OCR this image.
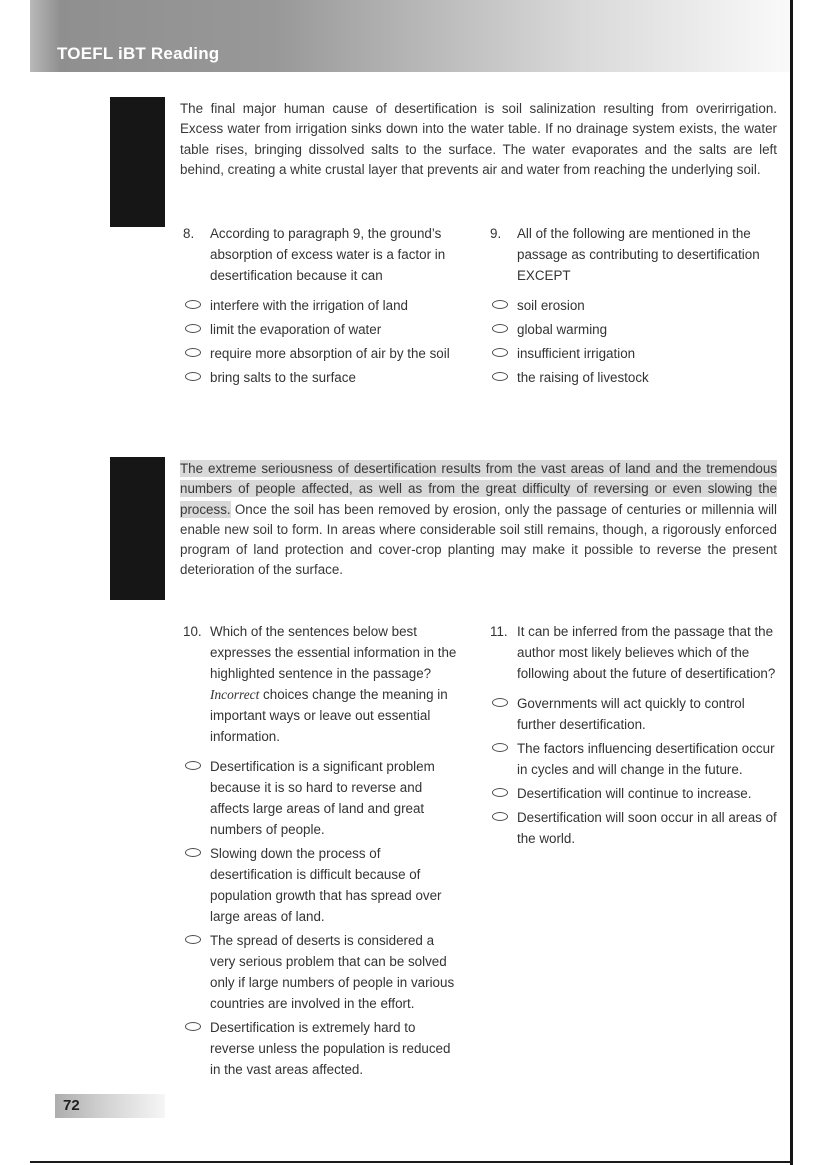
TOEFL iBT Reading
The final major human cause of desertification is soil salinization resulting from overirrigation. Excess water from irrigation sinks down into the water table. If no drainage system exists, the water table rises, bringing dissolved salts to the surface. The water evaporates and the salts are left behind, creating a white crustal layer that prevents air and water from reaching the underlying soil.
8.	According to paragraph 9, the ground’s absorption of excess water is a factor in desertification because it can
interfere with the irrigation of land
limit the evaporation of water
require more absorption of air by the soil
bring salts to the surface
9.	All of the following are mentioned in the passage as contributing to desertification EXCEPT
soil erosion
global warming
insufficient irrigation
the raising of livestock
The extreme seriousness of desertification results from the vast areas of land and the tremendous numbers of people affected, as well as from the great difficulty of reversing or even slowing the process. Once the soil has been removed by erosion, only the passage of centuries or millennia will enable new soil to form. In areas where considerable soil still remains, though, a rigorously enforced program of land protection and cover-crop planting may make it possible to reverse the present deterioration of the surface.
10. Which of the sentences below best expresses the essential information in the highlighted sentence in the passage? Incorrect choices change the meaning in important ways or leave out essential information.
Desertification is a significant problem because it is so hard to reverse and affects large areas of land and great numbers of people.
Slowing down the process of desertification is difficult because of population growth that has spread over large areas of land.
The spread of deserts is considered a very serious problem that can be solved only if large numbers of people in various countries are involved in the effort.
Desertification is extremely hard to reverse unless the population is reduced in the vast areas affected.
11. It can be inferred from the passage that the author most likely believes which of the following about the future of desertification?
Governments will act quickly to control further desertification.
The factors influencing desertification occur in cycles and will change in the future.
Desertification will continue to increase.
Desertification will soon occur in all areas of the world.
72
